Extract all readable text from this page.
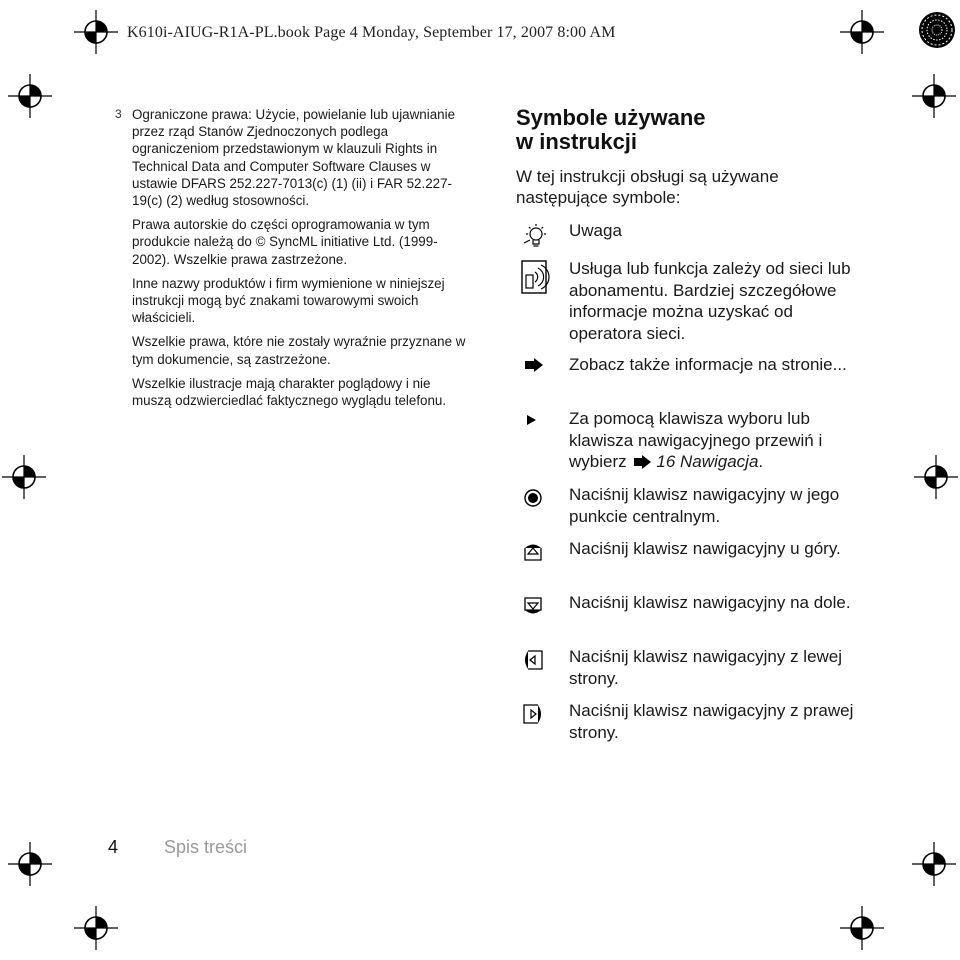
K610i-AIUG-R1A-PL.book Page 4 Monday, September 17, 2007 8:00 AM
3 Ograniczone prawa: Użycie, powielanie lub ujawnianie przez rząd Stanów Zjednoczonych podlega ograniczeniom przedstawionym w klauzuli Rights in Technical Data and Computer Software Clauses w ustawie DFARS 252.227-7013(c) (1) (ii) i FAR 52.227-19(c) (2) według stosowności.

Prawa autorskie do części oprogramowania w tym produkcie należą do © SyncML initiative Ltd. (1999-2002). Wszelkie prawa zastrzeżone.

Inne nazwy produktów i firm wymienione w niniejszej instrukcji mogą być znakami towarowymi swoich właścicieli.

Wszelkie prawa, które nie zostały wyraźnie przyznane w tym dokumencie, są zastrzeżone.

Wszelkie ilustracje mają charakter poglądowy i nie muszą odzwierciedlać faktycznego wyglądu telefonu.

Symbole używane
w instrukcji

W tej instrukcji obsługi są używane następujące symbole:

Uwaga
Usługa lub funkcja zależy od sieci lub abonamentu. Bardziej szczegółowe informacje można uzyskać od operatora sieci.
Zobacz także informacje na stronie...
Za pomocą klawisza wyboru lub klawisza nawigacyjnego przewiń i wybierz 16 Nawigacja.
Naciśnij klawisz nawigacyjny w jego punkcie centralnym.
Naciśnij klawisz nawigacyjny u góry.
Naciśnij klawisz nawigacyjny na dole.
Naciśnij klawisz nawigacyjny z lewej strony.
Naciśnij klawisz nawigacyjny z prawej strony.
4	Spis treści
